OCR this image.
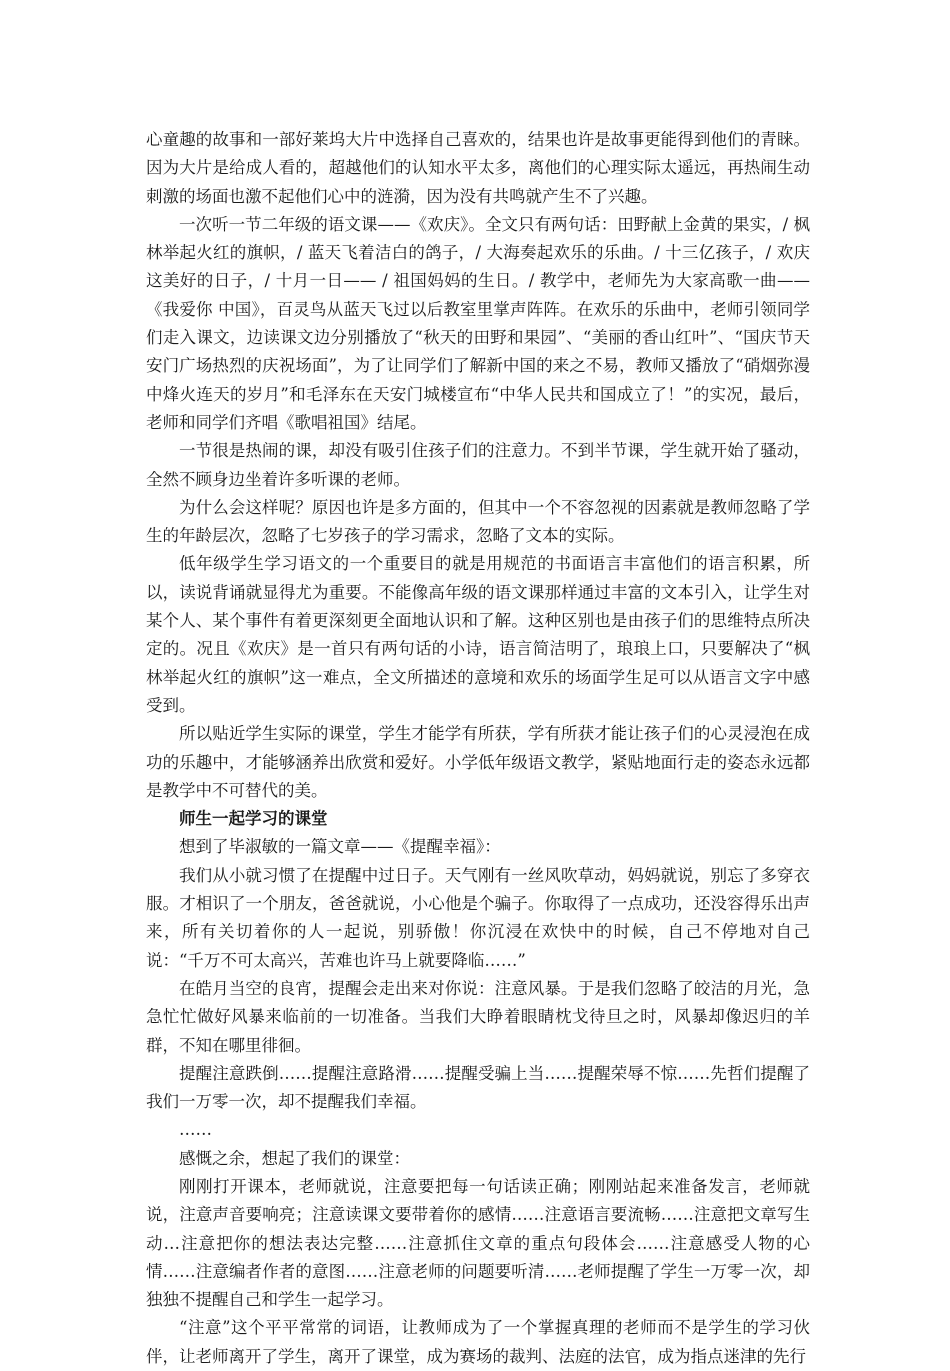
心童趣的故事和一部好莱坞大片中选择自己喜欢的，结果也许是故事更能得到他们的青睐。因为大片是给成人看的，超越他们的认知水平太多，离他们的心理实际太遥远，再热闹生动刺激的场面也激不起他们心中的涟漪，因为没有共鸣就产生不了兴趣。

一次听一节二年级的语文课——《欢庆》。全文只有两句话：田野献上金黄的果实，/ 枫林举起火红的旗帜，/ 蓝天飞着洁白的鸽子，/ 大海奏起欢乐的乐曲。/ 十三亿孩子，/ 欢庆这美好的日子，/ 十月一日—— / 祖国妈妈的生日。/ 教学中，老师先为大家高歌一曲——《我爱你 中国》，百灵鸟从蓝天飞过以后教室里掌声阵阵。在欢乐的乐曲中，老师引领同学们走入课文，边读课文边分别播放了“秋天的田野和果园”、“美丽的香山红叶”、“国庆节天安门广场热烈的庆祝场面”，为了让同学们了解新中国的来之不易，教师又播放了“硝烟弥漫中烽火连天的岁月”和毛泽东在天安门城楼宣布“中华人民共和国成立了！”的实况，最后，老师和同学们齐唱《歌唱祖国》结尾。

一节很是热闹的课，却没有吸引住孩子们的注意力。不到半节课，学生就开始了骚动，全然不顾身边坐着许多听课的老师。

为什么会这样呢？原因也许是多方面的，但其中一个不容忽视的因素就是教师忽略了学生的年龄层次，忽略了七岁孩子的学习需求，忽略了文本的实际。

低年级学生学习语文的一个重要目的就是用规范的书面语言丰富他们的语言积累，所以，读说背诵就显得尤为重要。不能像高年级的语文课那样通过丰富的文本引入，让学生对某个人、某个事件有着更深刻更全面地认识和了解。这种区别也是由孩子们的思维特点所决定的。况且《欢庆》是一首只有两句话的小诗，语言简洁明了，琅琅上口，只要解决了“枫林举起火红的旗帜”这一难点，全文所描述的意境和欢乐的场面学生足可以从语言文字中感受到。

所以贴近学生实际的课堂，学生才能学有所获，学有所获才能让孩子们的心灵浸泡在成功的乐趣中，才能够涵养出欣赏和爱好。小学低年级语文教学，紧贴地面行走的姿态永远都是教学中不可替代的美。

师生一起学习的课堂

想到了毕淑敏的一篇文章——《提醒幸福》：

我们从小就习惯了在提醒中过日子。天气刚有一丝风吹草动，妈妈就说，别忘了多穿衣服。才相识了一个朋友，爸爸就说，小心他是个骗子。你取得了一点成功，还没容得乐出声来，所有关切着你的人一起说，别骄傲！你沉浸在欢快中的时候，自己不停地对自己说：“千万不可太高兴，苦难也许马上就要降临……”

在皓月当空的良宵，提醒会走出来对你说：注意风暴。于是我们忽略了皎洁的月光，急急忙忙做好风暴来临前的一切准备。当我们大睁着眼睛枕戈待旦之时，风暴却像迟归的羊群，不知在哪里徘徊。

提醒注意跌倒……提醒注意路滑……提醒受骗上当……提醒荣辱不惊……先哲们提醒了我们一万零一次，却不提醒我们幸福。

……

感慨之余，想起了我们的课堂：

刚刚打开课本，老师就说，注意要把每一句话读正确；刚刚站起来准备发言，老师就说，注意声音要响亮；注意读课文要带着你的感情……注意语言要流畅……注意把文章写生动…注意把你的想法表达完整……注意抓住文章的重点句段体会……注意感受人物的心情……注意编者作者的意图……注意老师的问题要听清……老师提醒了学生一万零一次，却独独不提醒自己和学生一起学习。

“注意”这个平平常常的词语，让教师成为了一个掌握真理的老师而不是学生的学习伙伴，让老师离开了学生，离开了课堂，成为赛场的裁判、法庭的法官，成为指点迷津的先行
